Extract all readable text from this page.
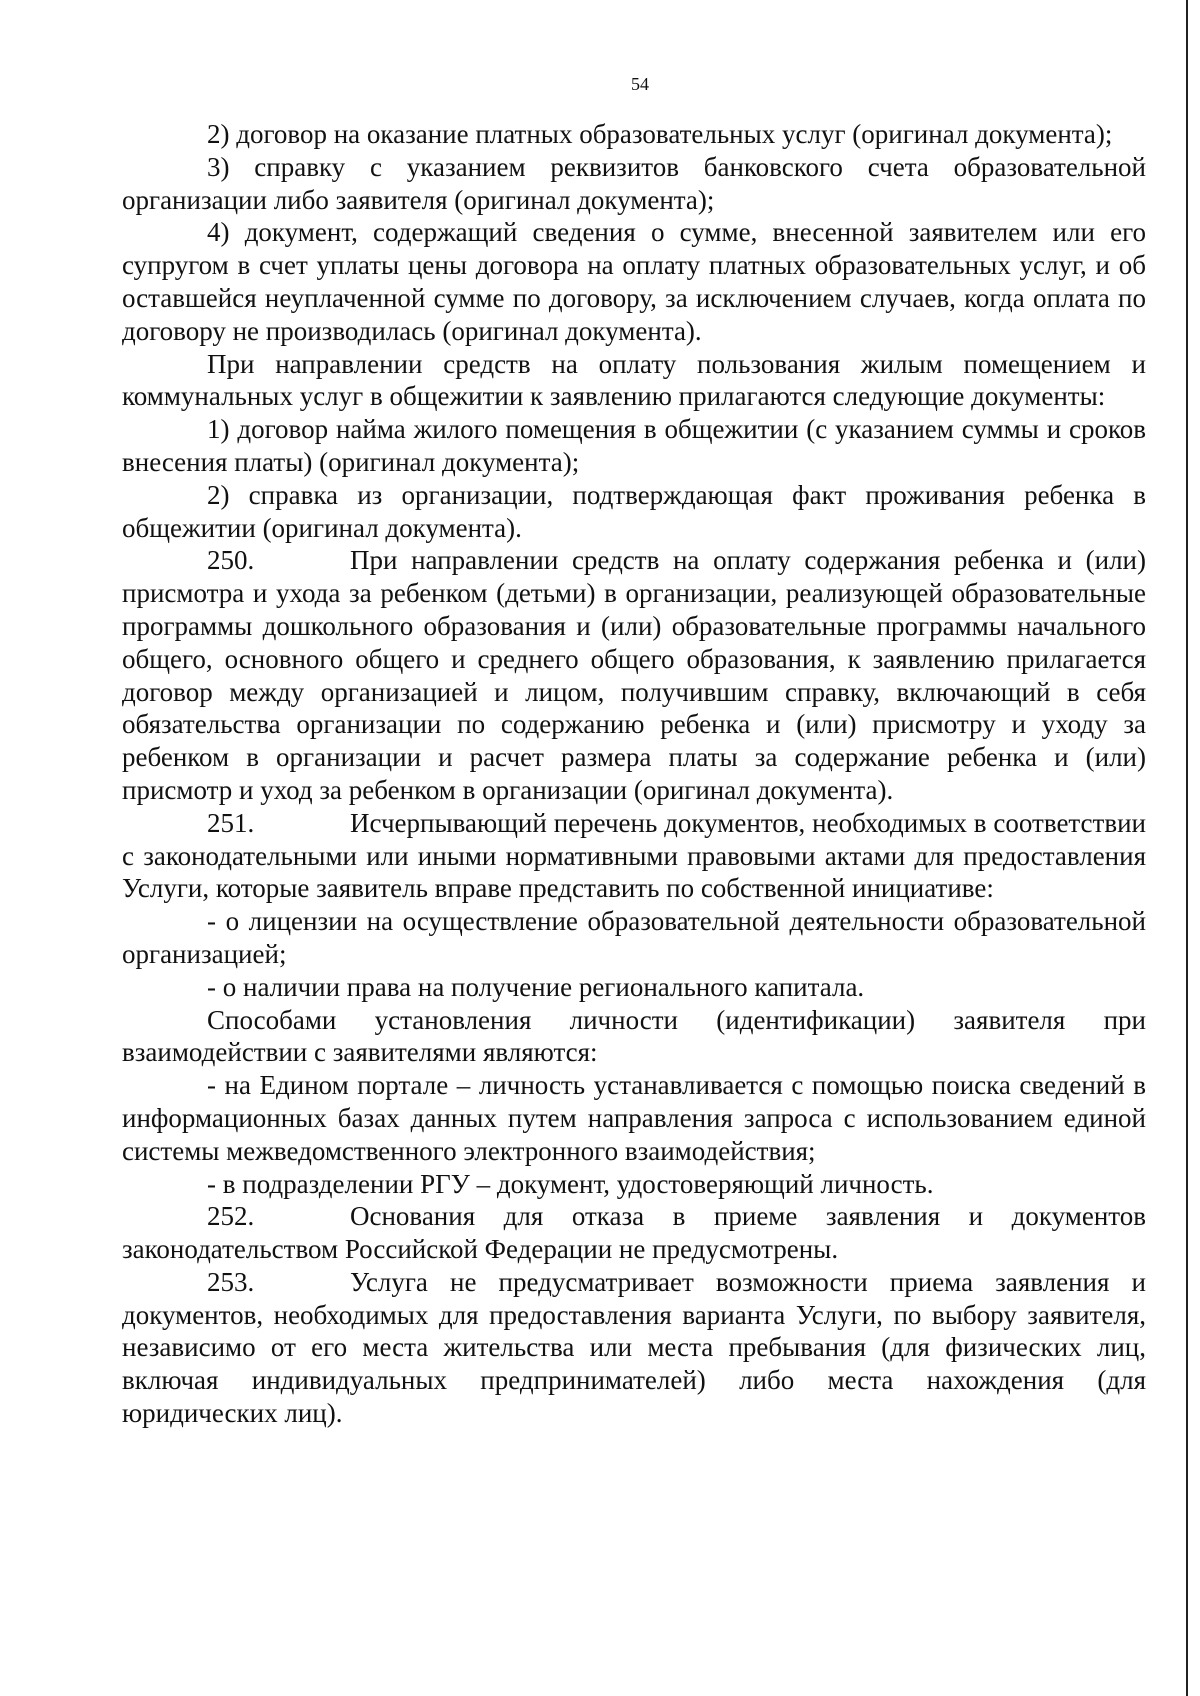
54

2) договор на оказание платных образовательных услуг (оригинал документа);

3) справку с указанием реквизитов банковского счета образовательной организации либо заявителя (оригинал документа);

4) документ, содержащий сведения о сумме, внесенной заявителем или его супругом в счет уплаты цены договора на оплату платных образовательных услуг, и об оставшейся неуплаченной сумме по договору, за исключением случаев, когда оплата по договору не производилась (оригинал документа).

При направлении средств на оплату пользования жилым помещением и коммунальных услуг в общежитии к заявлению прилагаются следующие документы:

1) договор найма жилого помещения в общежитии (с указанием суммы и сроков внесения платы) (оригинал документа);

2) справка из организации, подтверждающая факт проживания ребенка в общежитии (оригинал документа).

250.	При направлении средств на оплату содержания ребенка и (или) присмотра и ухода за ребенком (детьми) в организации, реализующей образовательные программы дошкольного образования и (или) образовательные программы начального общего, основного общего и среднего общего образования, к заявлению прилагается договор между организацией и лицом, получившим справку, включающий в себя обязательства организации по содержанию ребенка и (или) присмотру и уходу за ребенком в организации и расчет размера платы за содержание ребенка и (или) присмотр и уход за ребенком в организации (оригинал документа).

251.	Исчерпывающий перечень документов, необходимых в соответствии с законодательными или иными нормативными правовыми актами для предоставления Услуги, которые заявитель вправе представить по собственной инициативе:

- о лицензии на осуществление образовательной деятельности образовательной организацией;

- о наличии права на получение регионального капитала.

Способами установления личности (идентификации) заявителя при взаимодействии с заявителями являются:

- на Едином портале – личность устанавливается с помощью поиска сведений в информационных базах данных путем направления запроса с использованием единой системы межведомственного электронного взаимодействия;

- в подразделении РГУ – документ, удостоверяющий личность.

252.	Основания для отказа в приеме заявления и документов законодательством Российской Федерации не предусмотрены.

253.	Услуга не предусматривает возможности приема заявления и документов, необходимых для предоставления варианта Услуги, по выбору заявителя, независимо от его места жительства или места пребывания (для физических лиц, включая индивидуальных предпринимателей) либо места нахождения (для юридических лиц).
